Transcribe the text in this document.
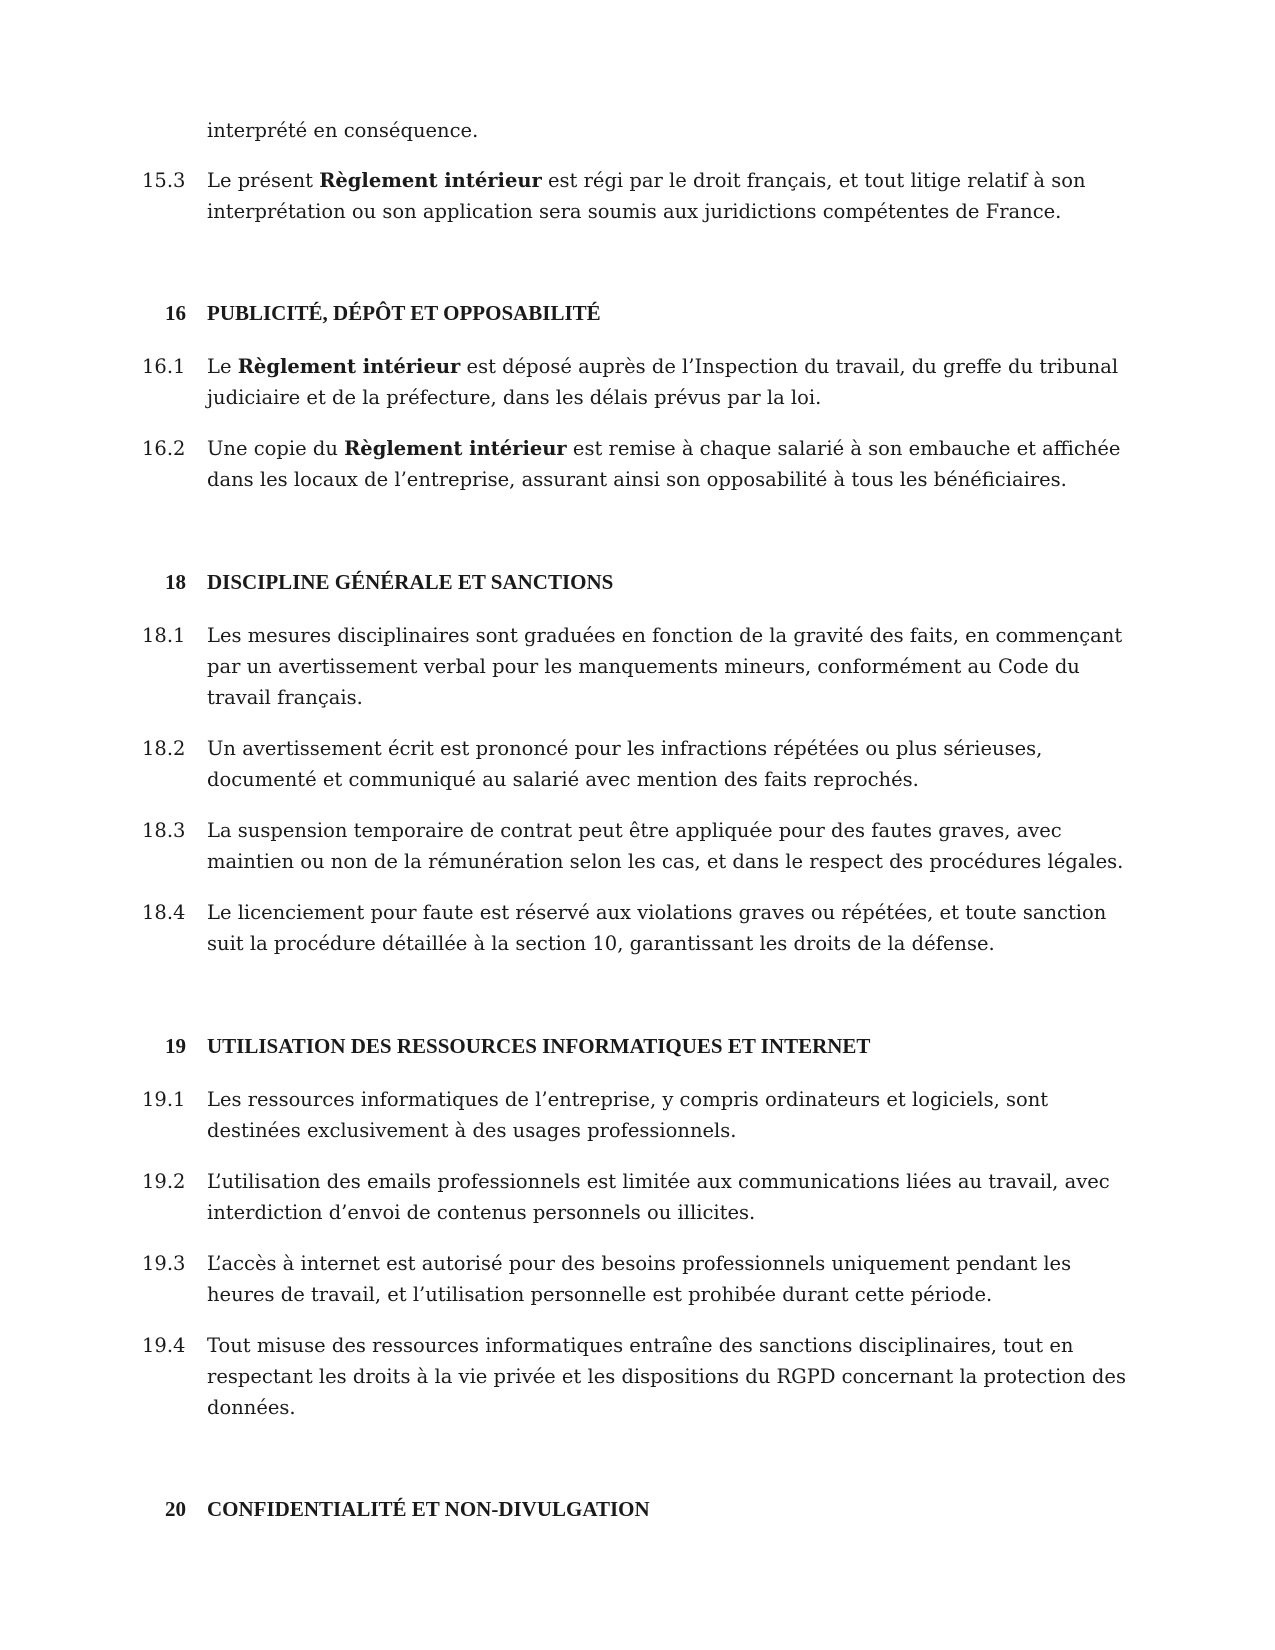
interprété en conséquence.
15.3	Le présent Règlement intérieur est régi par le droit français, et tout litige relatif à son interprétation ou son application sera soumis aux juridictions compétentes de France.
16 PUBLICITÉ, DÉPÔT ET OPPOSABILITÉ
16.1	Le Règlement intérieur est déposé auprès de l’Inspection du travail, du greffe du tribunal judiciaire et de la préfecture, dans les délais prévus par la loi.
16.2	Une copie du Règlement intérieur est remise à chaque salarié à son embauche et affichée dans les locaux de l’entreprise, assurant ainsi son opposabilité à tous les bénéficiaires.
18 DISCIPLINE GÉNÉRALE ET SANCTIONS
18.1	Les mesures disciplinaires sont graduées en fonction de la gravité des faits, en commençant par un avertissement verbal pour les manquements mineurs, conformément au Code du travail français.
18.2	Un avertissement écrit est prononcé pour les infractions répétées ou plus sérieuses, documenté et communiqué au salarié avec mention des faits reprochés.
18.3	La suspension temporaire de contrat peut être appliquée pour des fautes graves, avec maintien ou non de la rémunération selon les cas, et dans le respect des procédures légales.
18.4	Le licenciement pour faute est réservé aux violations graves ou répétées, et toute sanction suit la procédure détaillée à la section 10, garantissant les droits de la défense.
19 UTILISATION DES RESSOURCES INFORMATIQUES ET INTERNET
19.1	Les ressources informatiques de l’entreprise, y compris ordinateurs et logiciels, sont destinées exclusivement à des usages professionnels.
19.2	L’utilisation des emails professionnels est limitée aux communications liées au travail, avec interdiction d’envoi de contenus personnels ou illicites.
19.3	L’accès à internet est autorisé pour des besoins professionnels uniquement pendant les heures de travail, et l’utilisation personnelle est prohibée durant cette période.
19.4	Tout misuse des ressources informatiques entraîne des sanctions disciplinaires, tout en respectant les droits à la vie privée et les dispositions du RGPD concernant la protection des données.
20 CONFIDENTIALITÉ ET NON-DIVULGATION
